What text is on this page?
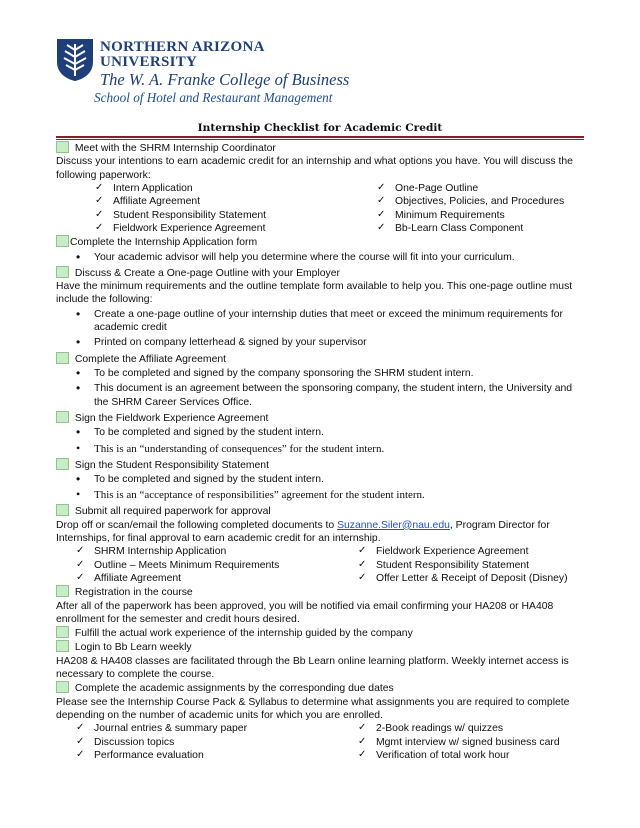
NORTHERN ARIZONA
UNIVERSITY
The W. A. Franke College of Business
School of Hotel and Restaurant Management
Internship Checklist for Academic Credit
Meet with the SHRM Internship Coordinator

Discuss your intentions to earn academic credit for an internship and what options you have. You will discuss the following paperwork:

✓ Intern Application
✓ Affiliate Agreement
✓ Student Responsibility Statement
✓ Fieldwork Experience Agreement
✓ One-Page Outline
✓ Objectives, Policies, and Procedures
✓ Minimum Requirements
✓ Bb-Learn Class Component
Complete the Internship Application form
• Your academic advisor will help you determine where the course will fit into your curriculum.
Discuss & Create a One-page Outline with your Employer

Have the minimum requirements and the outline template form available to help you. This one-page outline must include the following:

• Create a one-page outline of your internship duties that meet or exceed the minimum requirements for academic credit
• Printed on company letterhead & signed by your supervisor
Complete the Affiliate Agreement
• To be completed and signed by the company sponsoring the SHRM student intern.
• This document is an agreement between the sponsoring company, the student intern, the University and the SHRM Career Services Office.
Sign the Fieldwork Experience Agreement
• To be completed and signed by the student intern.
• This is an “understanding of consequences” for the student intern.
Sign the Student Responsibility Statement
• To be completed and signed by the student intern.
• This is an “acceptance of responsibilities” agreement for the student intern.
Submit all required paperwork for approval

Drop off or scan/email the following completed documents to Suzanne.Siler@nau.edu, Program Director for Internships, for final approval to earn academic credit for an internship.

✓ SHRM Internship Application
✓ Outline – Meets Minimum Requirements
✓ Affiliate Agreement
✓ Fieldwork Experience Agreement
✓ Student Responsibility Statement
✓ Offer Letter & Receipt of Deposit (Disney)
Registration in the course

After all of the paperwork has been approved, you will be notified via email confirming your HA208 or HA408 enrollment for the semester and credit hours desired.

Fulfill the actual work experience of the internship guided by the company
Login to Bb Learn weekly

HA208 & HA408 classes are facilitated through the Bb Learn online learning platform. Weekly internet access is necessary to complete the course.

Complete the academic assignments by the corresponding due dates

Please see the Internship Course Pack & Syllabus to determine what assignments you are required to complete depending on the number of academic units for which you are enrolled.

✓ Journal entries & summary paper
✓ Discussion topics
✓ Performance evaluation
✓ 2-Book readings w/ quizzes
✓ Mgmt interview w/ signed business card
✓ Verification of total work hour
